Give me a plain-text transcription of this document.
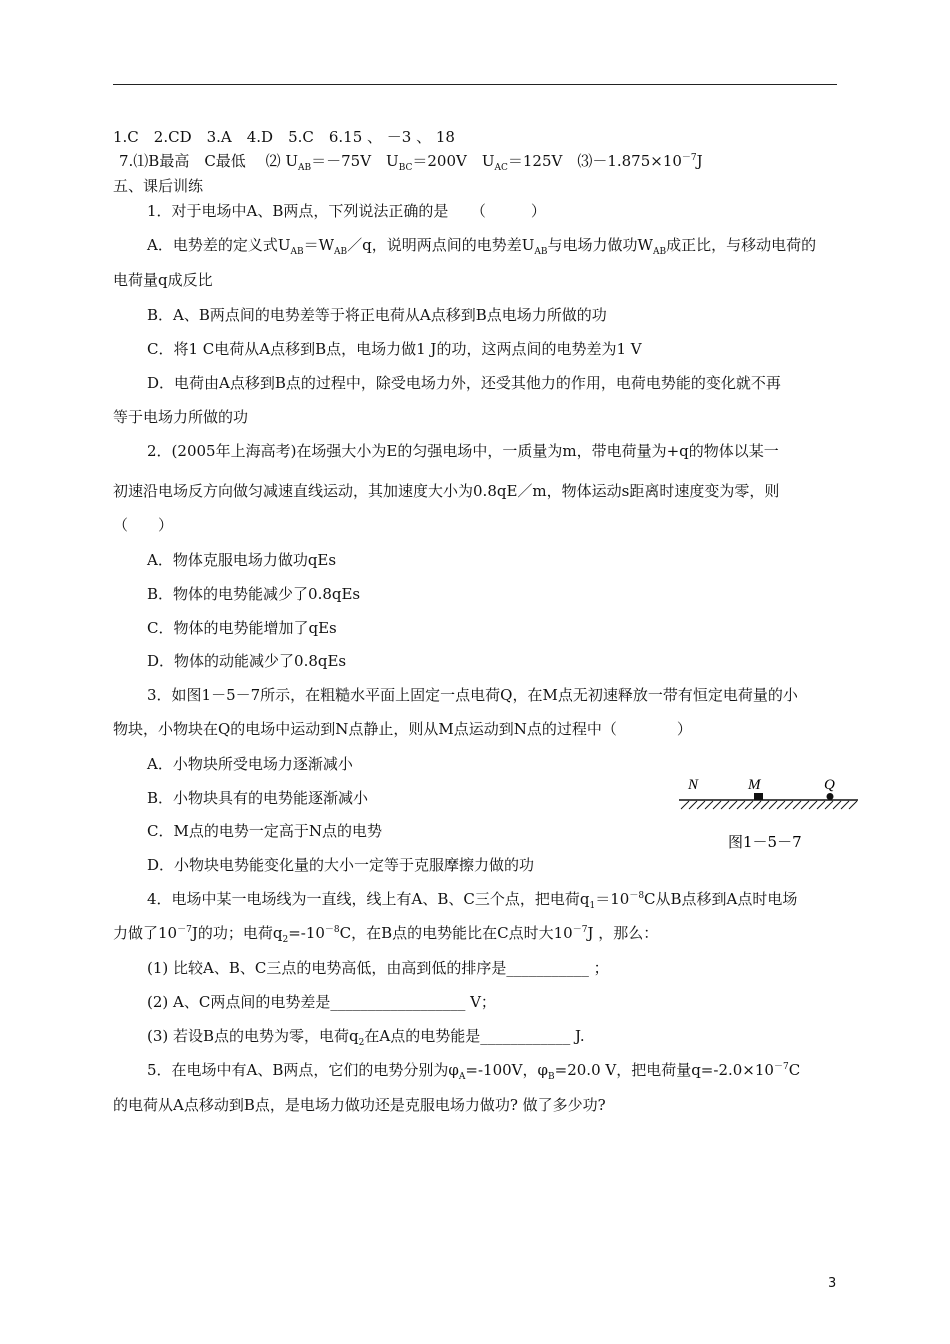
1.C　2.CD　3.A　4.D　5.C　6.15 、 －3 、 18
7.⑴B最高　C最低　 ⑵ $U_{AB}=-75V$　$U_{BC}=200V$　$U_{AC}=125V$　$⑶-1.875\times 10^{-7}J$
五、课后训练
1．对于电场中A、B两点，下列说法正确的是　　（　　　）
A．电势差的定义式$U_{AB}=W_{AB}/q$，说明两点间的电势差$U_{AB}$与电场力做功$W_{AB}$成正比，与移动电荷的
电荷量q成反比
B．A、B两点间的电势差等于将正电荷从A点移到B点电场力所做的功
C．将1 C电荷从A点移到B点，电场力做1 J的功，这两点间的电势差为1 V
D．电荷由A点移到B点的过程中，除受电场力外，还受其他力的作用，电荷电势能的变化就不再
等于电场力所做的功
2．(2005年上海高考)在场强大小为E的匀强电场中，一质量为m，带电荷量为+q的物体以某一
初速沿电场反方向做匀减速直线运动，其加速度大小为0.8qE／m，物体运动s距离时速度变为零，则
（　　）
A．物体克服电场力做功qEs
B．物体的电势能减少了0.8qEs
C．物体的电势能增加了qEs
D．物体的动能减少了0.8qEs
3．如图1－5－7所示，在粗糙水平面上固定一点电荷Q，在M点无初速释放一带有恒定电荷量的小
物块，小物块在Q的电场中运动到N点静止，则从M点运动到N点的过程中（　　　　）
A．小物块所受电场力逐渐减小
B．小物块具有的电势能逐渐减小
C．M点的电势一定高于N点的电势
D．小物块电势能变化量的大小一定等于克服摩擦力做的功
N	M	Q
图1－5－7
4．电场中某一电场线为一直线，线上有A、B、C三个点，把电荷$q_1=10^{-8}C$从B点移到A点时电场
力做了$10^{-7}J$的功；电荷$q_2=-10^{-8}C$，在B点的电势能比在C点时大$10^{-7}J$ ，那么：
(1) 比较A、B、C三点的电势高低，由高到低的排序是___________ ；
(2) A、C两点间的电势差是__________________ V；
(3) 若设B点的电势为零，电荷$q_2$在A点的电势能是____________ J.
5．在电场中有A、B两点，它们的电势分别为$\varphi_A=-100V$，$\varphi_B=20.0$ V，把电荷量$q=-2.0\times 10^{-7}C$
的电荷从A点移动到B点，是电场力做功还是克服电场力做功? 做了多少功?
3
